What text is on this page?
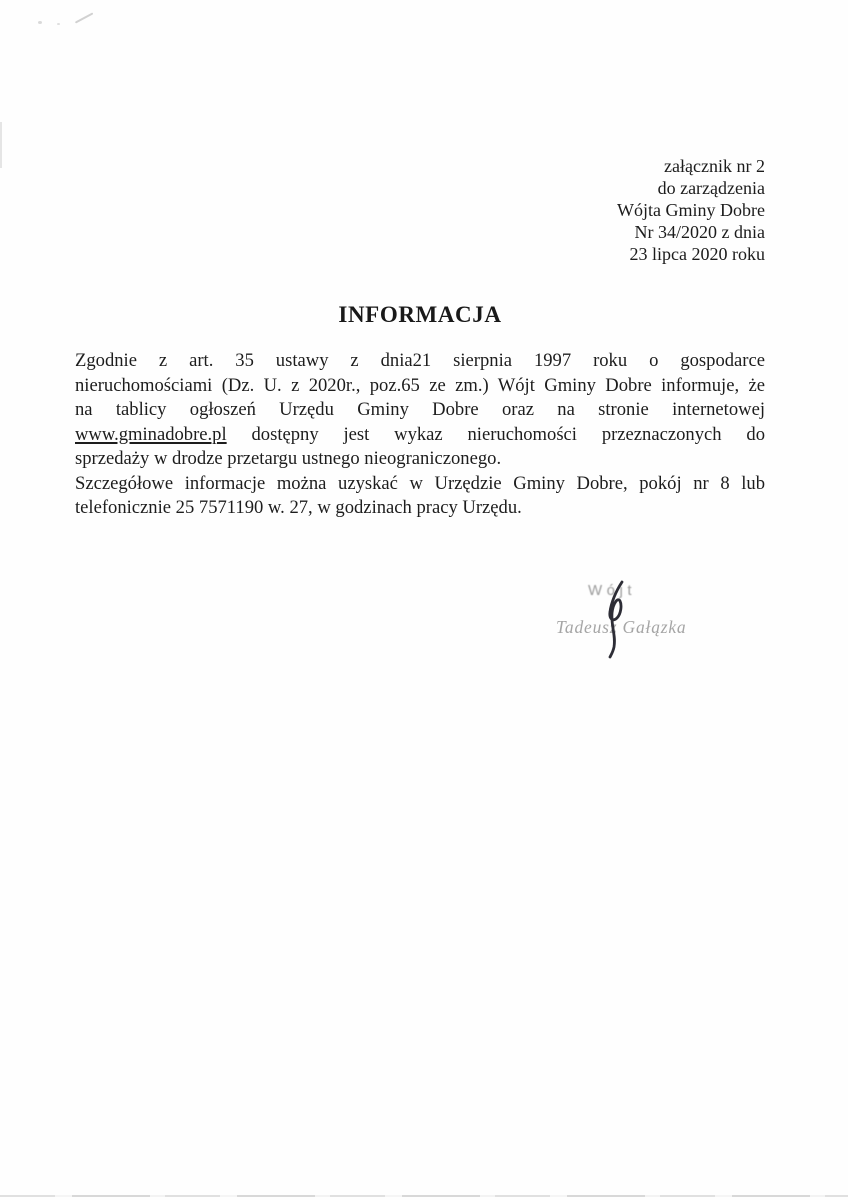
załącznik nr 2
do zarządzenia
Wójta Gminy Dobre
Nr 34/2020 z dnia
23 lipca 2020 roku
INFORMACJA
Zgodnie z art. 35 ustawy z dnia21 sierpnia 1997 roku o gospodarce
nieruchomościami (Dz. U. z 2020r., poz.65 ze zm.) Wójt Gminy Dobre informuje, że
na tablicy ogłoszeń Urzędu Gminy Dobre oraz na stronie internetowej
www.gminadobre.pl dostępny jest wykaz nieruchomości przeznaczonych do
sprzedaży w drodze przetargu ustnego nieograniczonego.
Szczegółowe informacje można uzyskać w Urzędzie Gminy Dobre, pokój nr 8 lub
telefonicznie 25 7571190 w. 27, w godzinach pracy Urzędu.
Wójt
Tadeusz Gałązka
